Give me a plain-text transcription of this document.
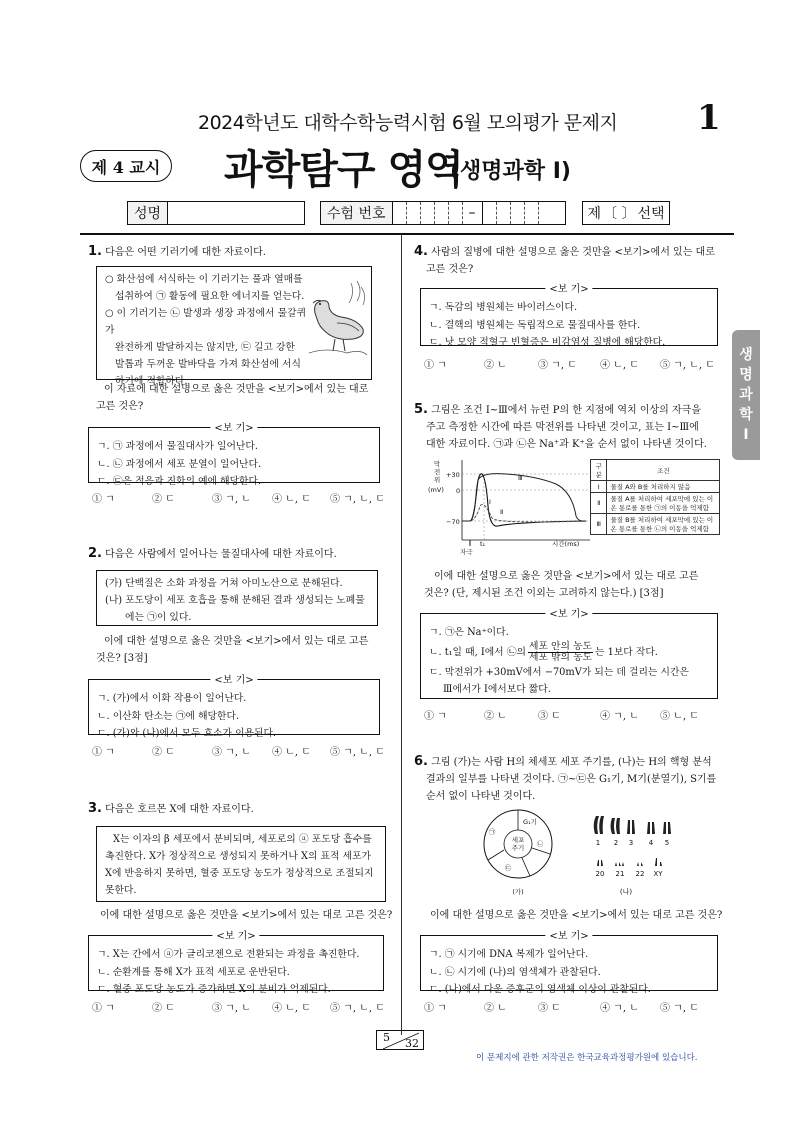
2024학년도 대학수학능력시험 6월 모의평가 문제지 1
제 4 교시 과학탐구 영역
(생명과학 I)
성명	수험 번호	–	제 〔 〕 선택
생
명
과
학
I
1. 다음은 어떤 기러기에 대한 자료이다.
○ 화산섬에 서식하는 이 기러기는 풀과 열매를
섭취하여 ㉠ 활동에 필요한 에너지를 얻는다.
○ 이 기러기는 ㉡ 발생과 생장 과정에서 물갈퀴가
완전하게 발달하지는 않지만, ㉢ 길고 강한
발톱과 두꺼운 발바닥을 가져 화산섬에 서식
하기에 적합하다.
이 자료에 대한 설명으로 옳은 것만을 <보기>에서 있는 대로
고른 것은?
<보 기>
ㄱ. ㉠ 과정에서 물질대사가 일어난다.
ㄴ. ㉡ 과정에서 세포 분열이 일어난다.
ㄷ. ㉢은 적응과 진화의 예에 해당한다.
① ㄱ	② ㄷ	③ ㄱ, ㄴ	④ ㄴ, ㄷ	⑤ ㄱ, ㄴ, ㄷ
2. 다음은 사람에서 일어나는 물질대사에 대한 자료이다.
(가) 단백질은 소화 과정을 거쳐 아미노산으로 분해된다.
(나) 포도당이 세포 호흡을 통해 분해된 결과 생성되는 노폐물
에는 ㉠이 있다.
이에 대한 설명으로 옳은 것만을 <보기>에서 있는 대로 고른
것은? [3점]
<보 기>
ㄱ. (가)에서 이화 작용이 일어난다.
ㄴ. 이산화 탄소는 ㉠에 해당한다.
ㄷ. (가)와 (나)에서 모두 효소가 이용된다.
① ㄱ	② ㄷ	③ ㄱ, ㄴ	④ ㄴ, ㄷ	⑤ ㄱ, ㄴ, ㄷ
3. 다음은 호르몬 X에 대한 자료이다.
X는 이자의 β 세포에서 분비되며, 세포로의 ⓐ 포도당 흡수를
촉진한다. X가 정상적으로 생성되지 못하거나 X의 표적 세포가
X에 반응하지 못하면, 혈중 포도당 농도가 정상적으로 조절되지
못한다.
이에 대한 설명으로 옳은 것만을 <보기>에서 있는 대로 고른 것은?
<보 기>
ㄱ. X는 간에서 ⓐ가 글리코젠으로 전환되는 과정을 촉진한다.
ㄴ. 순환계를 통해 X가 표적 세포로 운반된다.
ㄷ. 혈중 포도당 농도가 증가하면 X의 분비가 억제된다.
① ㄱ	② ㄷ	③ ㄱ, ㄴ	④ ㄴ, ㄷ	⑤ ㄱ, ㄴ, ㄷ
4. 사람의 질병에 대한 설명으로 옳은 것만을 <보기>에서 있는 대로
고른 것은?
<보 기>
ㄱ. 독감의 병원체는 바이러스이다.
ㄴ. 결핵의 병원체는 독립적으로 물질대사를 한다.
ㄷ. 낫 모양 적혈구 빈혈증은 비감염성 질병에 해당한다.
① ㄱ	② ㄴ	③ ㄱ, ㄷ	④ ㄴ, ㄷ	⑤ ㄱ, ㄴ, ㄷ
5. 그림은 조건 Ⅰ~Ⅲ에서 뉴런 P의 한 지점에 역치 이상의 자극을
주고 측정한 시간에 따른 막전위를 나타낸 것이고, 표는 Ⅰ~Ⅲ에
대한 자료이다. ㉠과 ㉡은 Na⁺과 K⁺을 순서 없이 나타낸 것이다.
막
전
위
(mV)
+30
0
−70
Ⅲ
Ⅰ
Ⅱ
자극
t₁	시간(ms)
구분	조건
Ⅰ	물질 A와 B를 처리하지 않음
Ⅱ	물질 A를 처리하여 세포막에 있는 이온 통로를 통한 ㉠의 이동을 억제함
Ⅲ	물질 B를 처리하여 세포막에 있는 이온 통로를 통한 ㉡의 이동을 억제함
이에 대한 설명으로 옳은 것만을 <보기>에서 있는 대로 고른
것은? (단, 제시된 조건 이외는 고려하지 않는다.) [3점]
<보 기>
ㄱ. ㉠은 Na⁺이다.
ㄴ. t₁일 때, Ⅰ에서 ㉡의 세포 안의 농도
세포 밖의 농도 는 1보다 작다.
ㄷ. 막전위가 +30mV에서 −70mV가 되는 데 걸리는 시간은
Ⅲ에서가 Ⅰ에서보다 짧다.
① ㄱ	② ㄴ	③ ㄷ	④ ㄱ, ㄴ	⑤ ㄴ, ㄷ
6. 그림 (가)는 사람 H의 체세포 세포 주기를, (나)는 H의 핵형 분석
결과의 일부를 나타낸 것이다. ㉠~㉢은 G₁기, M기(분열기), S기를
순서 없이 나타낸 것이다.
세포
주기
G₁기
㉠
㉡
㉢
(가)
1 2 3 4 5
20 21 22 XY
(나)
이에 대한 설명으로 옳은 것만을 <보기>에서 있는 대로 고른 것은?
<보 기>
ㄱ. ㉠ 시기에 DNA 복제가 일어난다.
ㄴ. ㉡ 시기에 (나)의 염색체가 관찰된다.
ㄷ. (나)에서 다운 증후군의 염색체 이상이 관찰된다.
① ㄱ	② ㄴ	③ ㄷ	④ ㄱ, ㄴ	⑤ ㄱ, ㄷ
5 32
이 문제지에 관한 저작권은 한국교육과정평가원에 있습니다.
